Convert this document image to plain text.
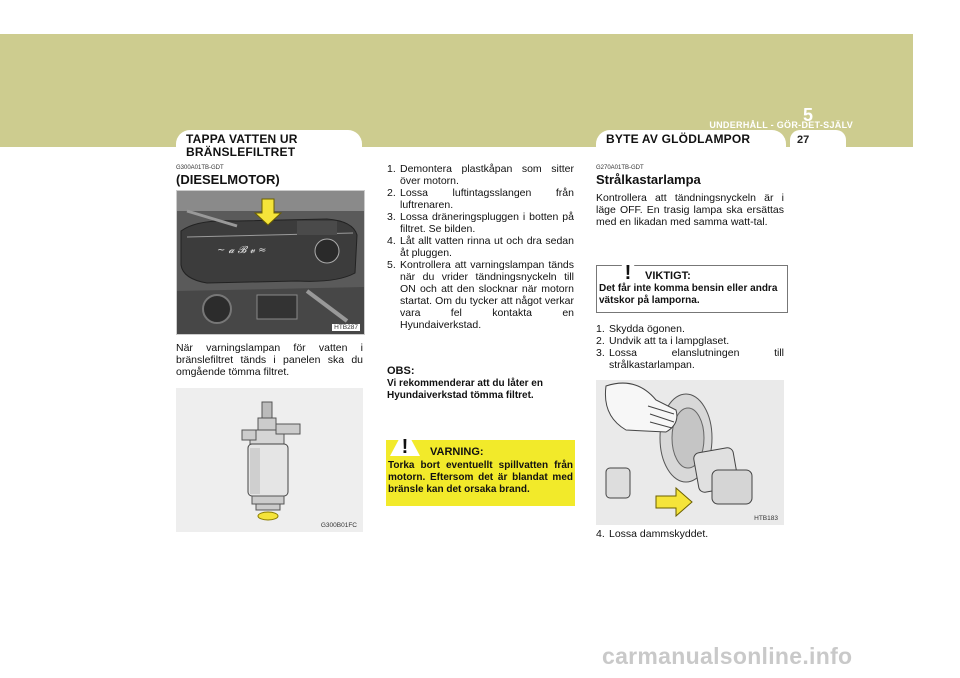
5
UNDERHÅLL - GÖR-DET-SJÄLV
27
TAPPA VATTEN UR BRÄNSLEFILTRET
G300A01TB-GDT
(DIESELMOTOR)
~ 𝓪 𝓑 𝓿 ≈
HTB287
När varningslampan för vatten i bränslefiltret tänds i panelen ska du omgående tömma filtret.
G300B01FC
1. Demontera plastkåpan som sitter över motorn.
2. Lossa luftintagsslangen från luftrenaren.
3. Lossa dräneringspluggen i botten på filtret. Se bilden.
4. Låt allt vatten rinna ut och dra sedan åt pluggen.
5. Kontrollera att varningslampan tänds när du vrider tändningsnyckeln till ON och att den slocknar när motorn startat. Om du tycker att något verkar vara fel kontakta en Hyundaiverkstad.
OBS:
Vi rekommenderar att du låter en Hyundaiverkstad tömma filtret.
! VARNING:
Torka bort eventuellt spillvatten från motorn. Eftersom det är blandat med bränsle kan det orsaka brand.
BYTE AV GLÖDLAMPOR
G270A01TB-GDT
Strålkastarlampa
Kontrollera att tändningsnyckeln är i läge OFF. En trasig lampa ska ersättas med en likadan med samma watt-tal.
! VIKTIGT:
Det får inte komma bensin eller andra vätskor på lamporna.
1. Skydda ögonen.
2. Undvik att ta i lampglaset.
3. Lossa elanslutningen till strålkastarlampan.
HTB183
4. Lossa dammskyddet.
carmanualsonline.info
